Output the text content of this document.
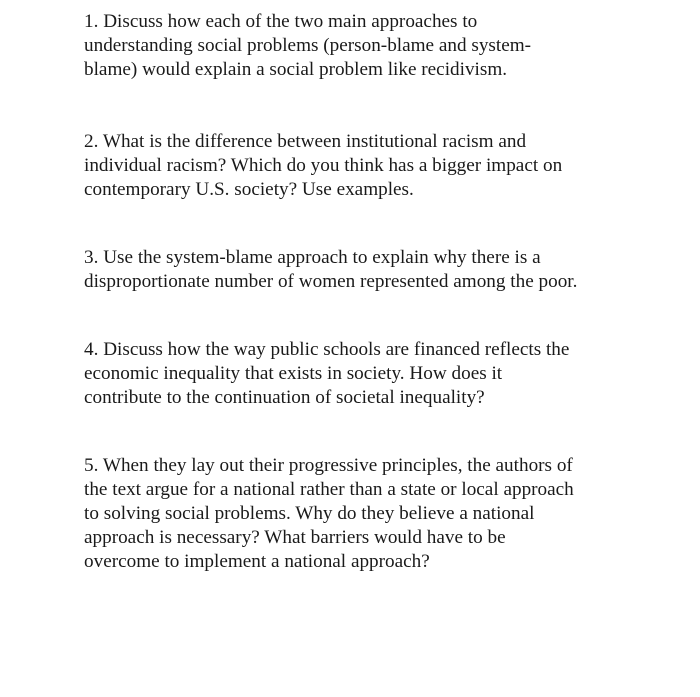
1. Discuss how each of the two main approaches to
understanding social problems (person-blame and system-
blame) would explain a social problem like recidivism.

2. What is the difference between institutional racism and
individual racism? Which do you think has a bigger impact on
contemporary U.S. society? Use examples.

3. Use the system-blame approach to explain why there is a
disproportionate number of women represented among the poor.

4. Discuss how the way public schools are financed reflects the
economic inequality that exists in society. How does it
contribute to the continuation of societal inequality?

5. When they lay out their progressive principles, the authors of
the text argue for a national rather than a state or local approach
to solving social problems. Why do they believe a national
approach is necessary? What barriers would have to be
overcome to implement a national approach?
